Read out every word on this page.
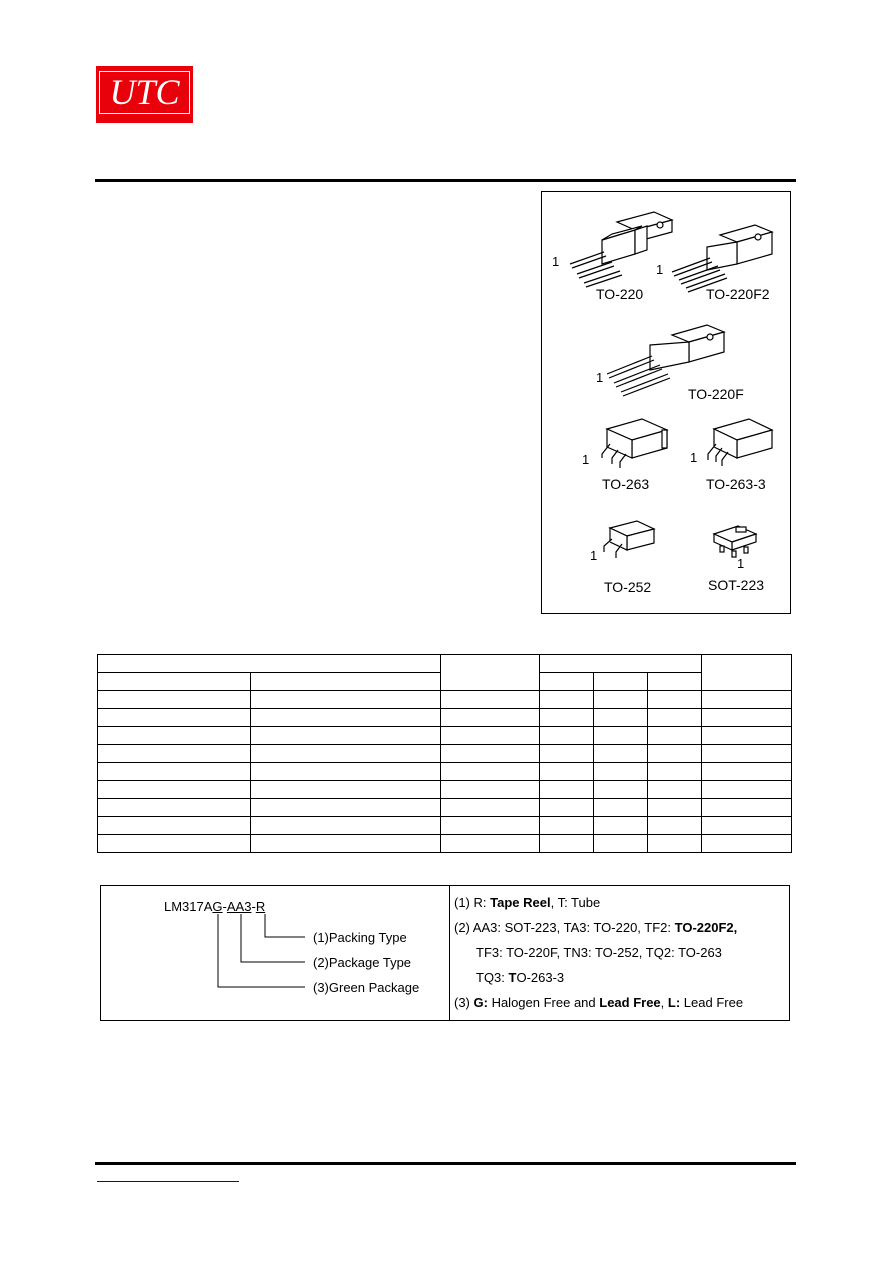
UTC
1
TO-220
1
TO-220F2
1
TO-220F
1
TO-263
1
TO-263-3
1
TO-252
1
SOT-223

LM317AG-AA3-R
(1)Packing Type
(2)Package Type
(3)Green Package
(1) R: Tape Reel, T: Tube
(2) AA3: SOT-223, TA3: TO-220, TF2: TO-220F2,
TF3: TO-220F, TN3: TO-252, TQ2: TO-263
TQ3: TO-263-3
(3) G: Halogen Free and Lead Free, L: Lead Free
